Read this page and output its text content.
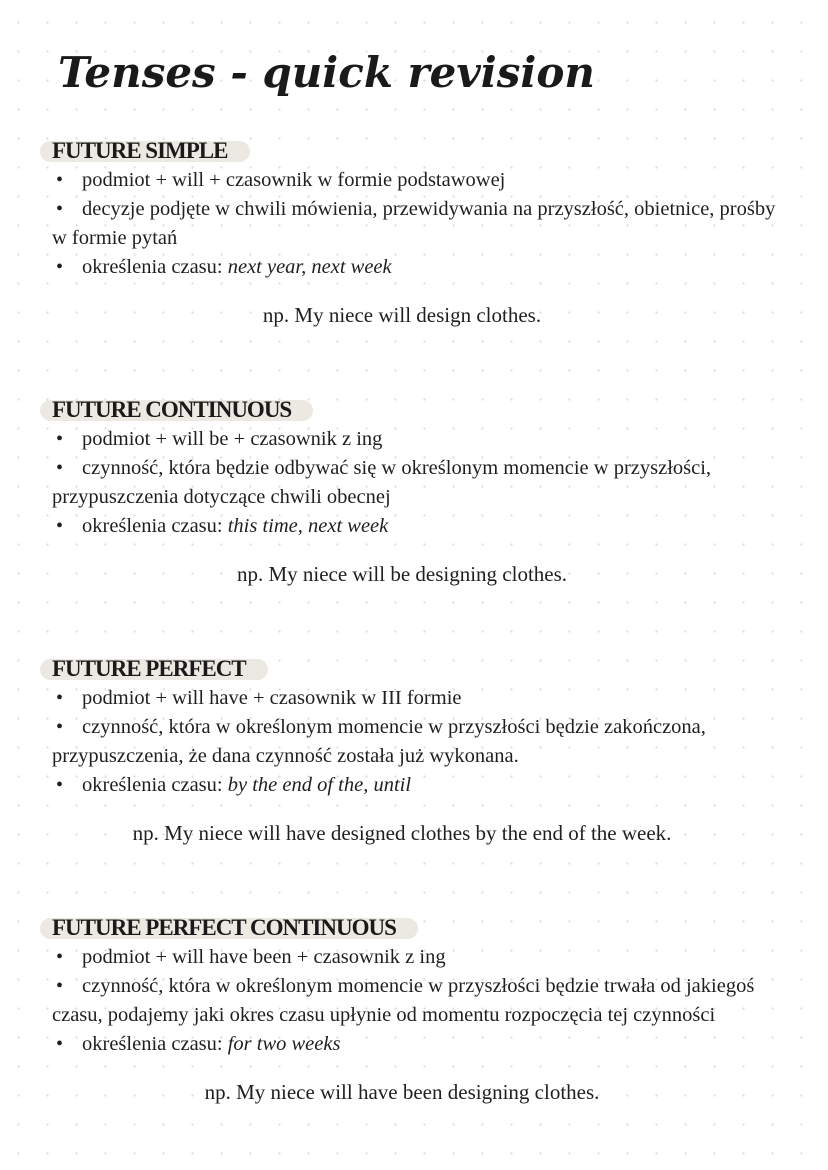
Tenses - quick revision
FUTURE SIMPLE
• podmiot + will + czasownik w formie podstawowej
• decyzje podjęte w chwili mówienia, przewidywania na przyszłość, obietnice, prośby w formie pytań
• określenia czasu: next year, next week

np. My niece will design clothes.

FUTURE CONTINUOUS
• podmiot + will be + czasownik z ing
• czynność, która będzie odbywać się w określonym momencie w przyszłości, przypuszczenia dotyczące chwili obecnej
• określenia czasu: this time, next week

np. My niece will be designing clothes.

FUTURE PERFECT
• podmiot + will have + czasownik w III formie
• czynność, która w określonym momencie w przyszłości będzie zakończona, przypuszczenia, że dana czynność została już wykonana.
• określenia czasu: by the end of the, until

np. My niece will have designed clothes by the end of the week.

FUTURE PERFECT CONTINUOUS
• podmiot + will have been + czasownik z ing
• czynność, która w określonym momencie w przyszłości będzie trwała od jakiegoś czasu, podajemy jaki okres czasu upłynie od momentu rozpoczęcia tej czynności
• określenia czasu: for two weeks

np. My niece will have been designing clothes.
